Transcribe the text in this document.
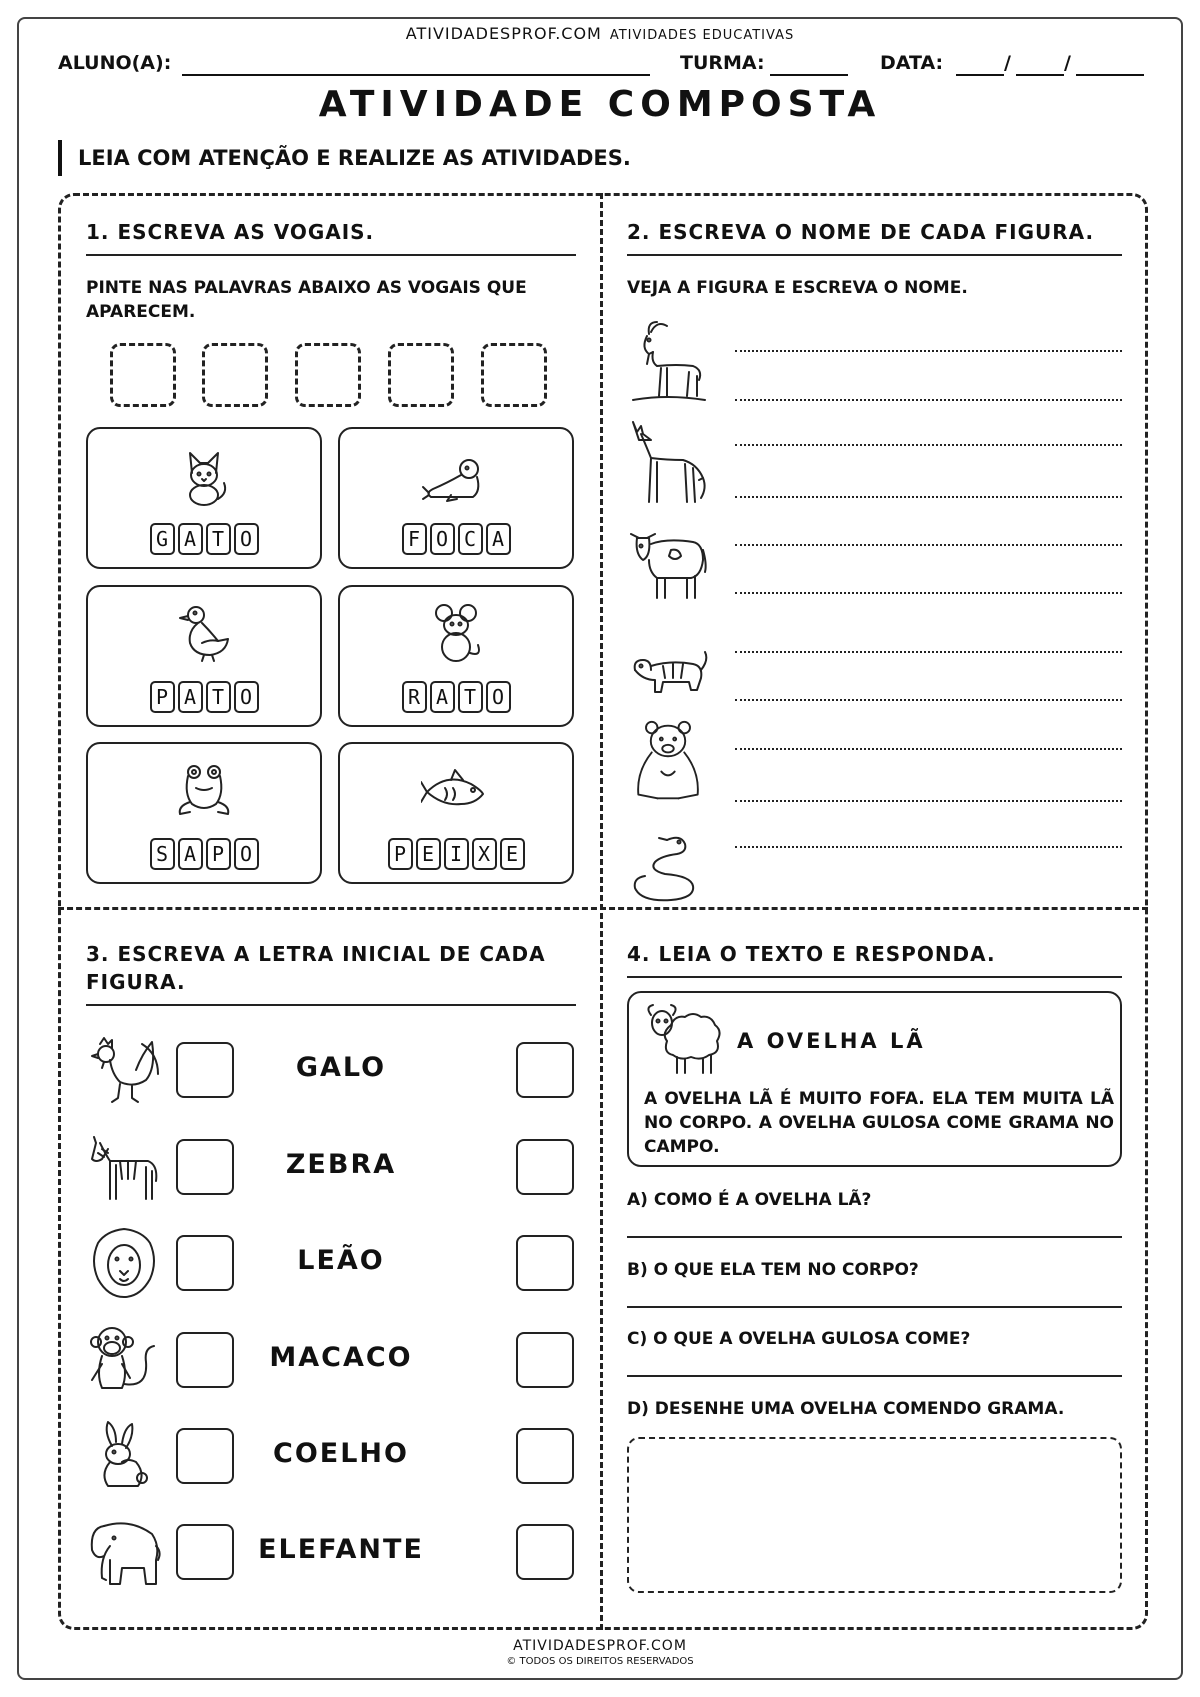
ATIVIDADESPROF.COM ATIVIDADES EDUCATIVAS
ALUNO(A):	TURMA:	DATA:	/	/
ATIVIDADE COMPOSTA
LEIA COM ATENÇÃO E REALIZE AS ATIVIDADES.
1. ESCREVA AS VOGAIS.
PINTE NAS PALAVRAS ABAIXO AS VOGAIS QUE APARECEM.
G A T O	F O C A
P A T O	R A T O
S A P O	P E I X E
2. ESCREVA O NOME DE CADA FIGURA.
VEJA A FIGURA E ESCREVA O NOME.
3. ESCREVA A LETRA INICIAL DE CADA FIGURA.
GALO
ZEBRA
LEÃO
MACACO
COELHO
ELEFANTE
4. LEIA O TEXTO E RESPONDA.
A OVELHA LÃ
A OVELHA LÃ É MUITO FOFA. ELA TEM MUITA LÃ NO CORPO. A OVELHA GULOSA COME GRAMA NO CAMPO.
A) COMO É A OVELHA LÃ?
B) O QUE ELA TEM NO CORPO?
C) O QUE A OVELHA GULOSA COME?
D) DESENHE UMA OVELHA COMENDO GRAMA.
ATIVIDADESPROF.COM
© TODOS OS DIREITOS RESERVADOS
